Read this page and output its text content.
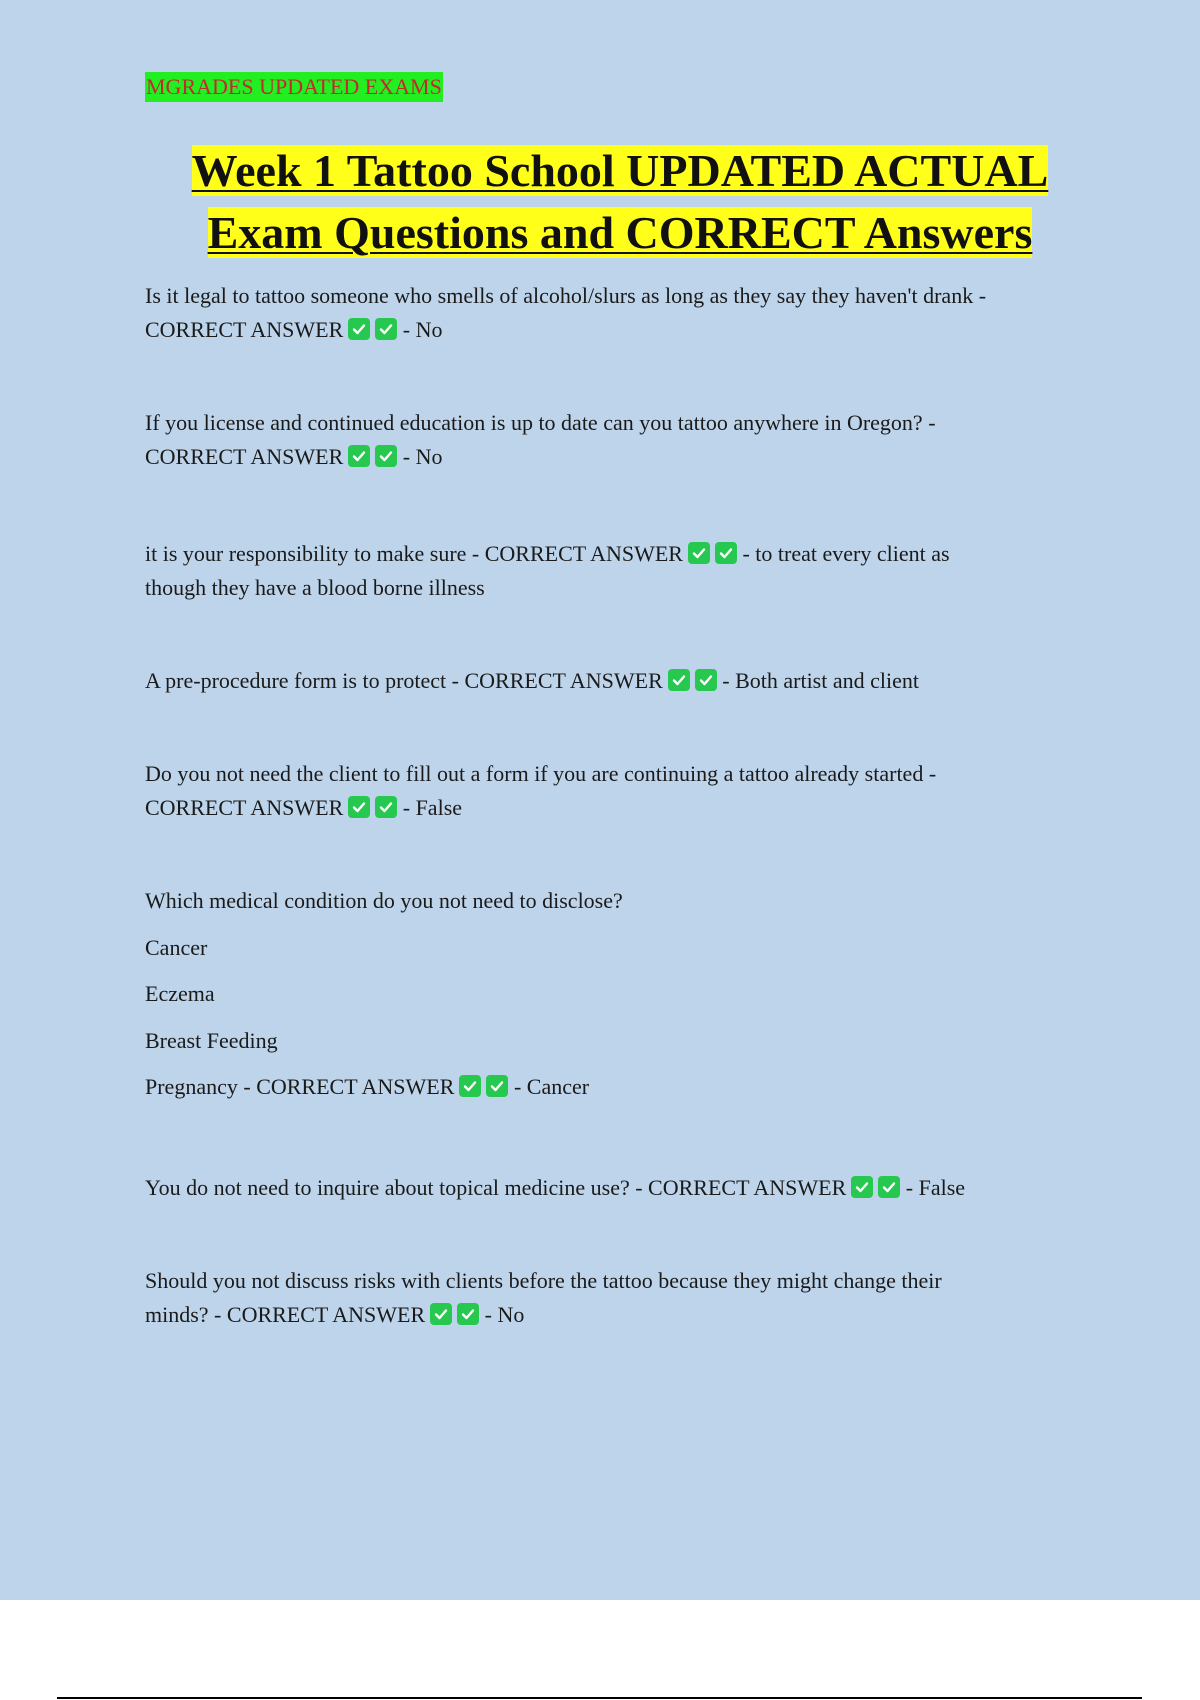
MGRADES UPDATED EXAMS
Week 1 Tattoo School UPDATED ACTUAL
Exam Questions and CORRECT Answers
Is it legal to tattoo someone who smells of alcohol/slurs as long as they say they haven't drank -
CORRECT ANSWER	- No
If you license and continued education is up to date can you tattoo anywhere in Oregon? -
CORRECT ANSWER	- No
it is your responsibility to make sure - CORRECT ANSWER	- to treat every client as
though they have a blood borne illness
A pre-procedure form is to protect - CORRECT ANSWER	- Both artist and client
Do you not need the client to fill out a form if you are continuing a tattoo already started -
CORRECT ANSWER	- False
Which medical condition do you not need to disclose?
Cancer
Eczema
Breast Feeding
Pregnancy - CORRECT ANSWER	- Cancer
You do not need to inquire about topical medicine use? - CORRECT ANSWER	- False
Should you not discuss risks with clients before the tattoo because they might change their
minds? - CORRECT ANSWER	- No
